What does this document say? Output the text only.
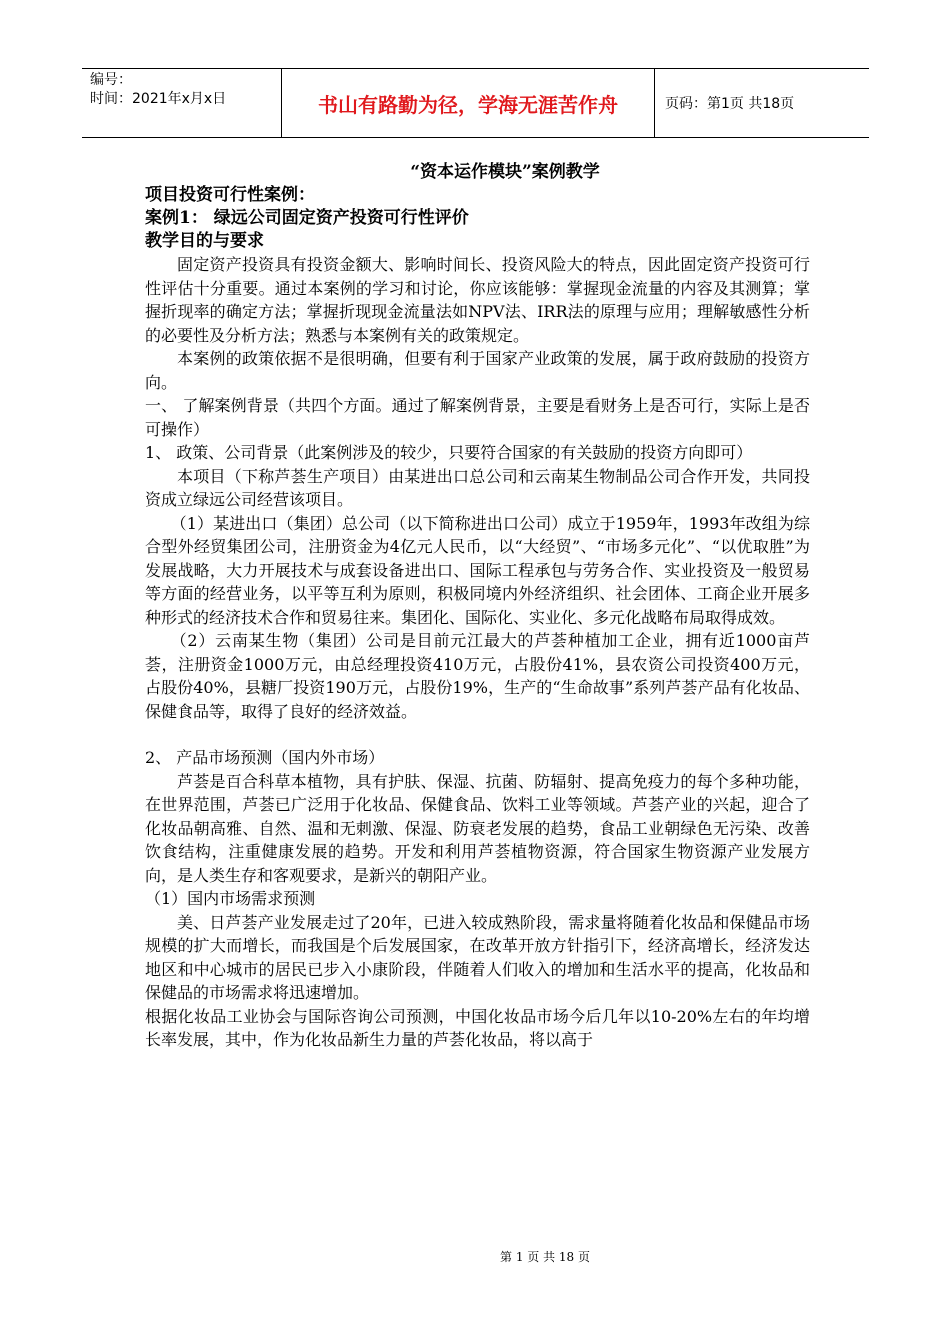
编号：
时间：2021年x月x日	书山有路勤为径，学海无涯苦作舟	页码：第1页 共18页
“资本运作模块”案例教学
项目投资可行性案例：
案例1： 绿远公司固定资产投资可行性评价
教学目的与要求

固定资产投资具有投资金额大、影响时间长、投资风险大的特点，因此固定资产投资可行性评估十分重要。通过本案例的学习和讨论，你应该能够：掌握现金流量的内容及其测算；掌握折现率的确定方法；掌握折现现金流量法如NPV法、IRR法的原理与应用；理解敏感性分析的必要性及分析方法；熟悉与本案例有关的政策规定。

本案例的政策依据不是很明确，但要有利于国家产业政策的发展，属于政府鼓励的投资方向。

一、 了解案例背景（共四个方面。通过了解案例背景，主要是看财务上是否可行，实际上是否可操作）

1、 政策、公司背景（此案例涉及的较少，只要符合国家的有关鼓励的投资方向即可）

本项目（下称芦荟生产项目）由某进出口总公司和云南某生物制品公司合作开发，共同投资成立绿远公司经营该项目。

（1）某进出口（集团）总公司（以下简称进出口公司）成立于1959年，1993年改组为综合型外经贸集团公司，注册资金为4亿元人民币，以“大经贸”、“市场多元化”、“以优取胜”为发展战略，大力开展技术与成套设备进出口、国际工程承包与劳务合作、实业投资及一般贸易等方面的经营业务，以平等互利为原则，积极同境内外经济组织、社会团体、工商企业开展多种形式的经济技术合作和贸易往来。集团化、国际化、实业化、多元化战略布局取得成效。

（2）云南某生物（集团）公司是目前元江最大的芦荟种植加工企业，拥有近1000亩芦荟，注册资金1000万元，由总经理投资410万元，占股份41%，县农资公司投资400万元，占股份40%，县糖厂投资190万元，占股份19%，生产的“生命故事”系列芦荟产品有化妆品、保健食品等，取得了良好的经济效益。

2、 产品市场预测（国内外市场）

芦荟是百合科草本植物，具有护肤、保湿、抗菌、防辐射、提高免疫力的每个多种功能，在世界范围，芦荟已广泛用于化妆品、保健食品、饮料工业等领域。芦荟产业的兴起，迎合了化妆品朝高雅、自然、温和无刺激、保湿、防衰老发展的趋势，食品工业朝绿色无污染、改善饮食结构，注重健康发展的趋势。开发和利用芦荟植物资源，符合国家生物资源产业发展方向，是人类生存和客观要求，是新兴的朝阳产业。

（1）国内市场需求预测

美、日芦荟产业发展走过了20年，已进入较成熟阶段，需求量将随着化妆品和保健品市场规模的扩大而增长，而我国是个后发展国家，在改革开放方针指引下，经济高增长，经济发达地区和中心城市的居民已步入小康阶段，伴随着人们收入的增加和生活水平的提高，化妆品和保健品的市场需求将迅速增加。

根据化妆品工业协会与国际咨询公司预测，中国化妆品市场今后几年以10-20%左右的年均增长率发展，其中，作为化妆品新生力量的芦荟化妆品，将以高于

第 1 页 共 18 页
